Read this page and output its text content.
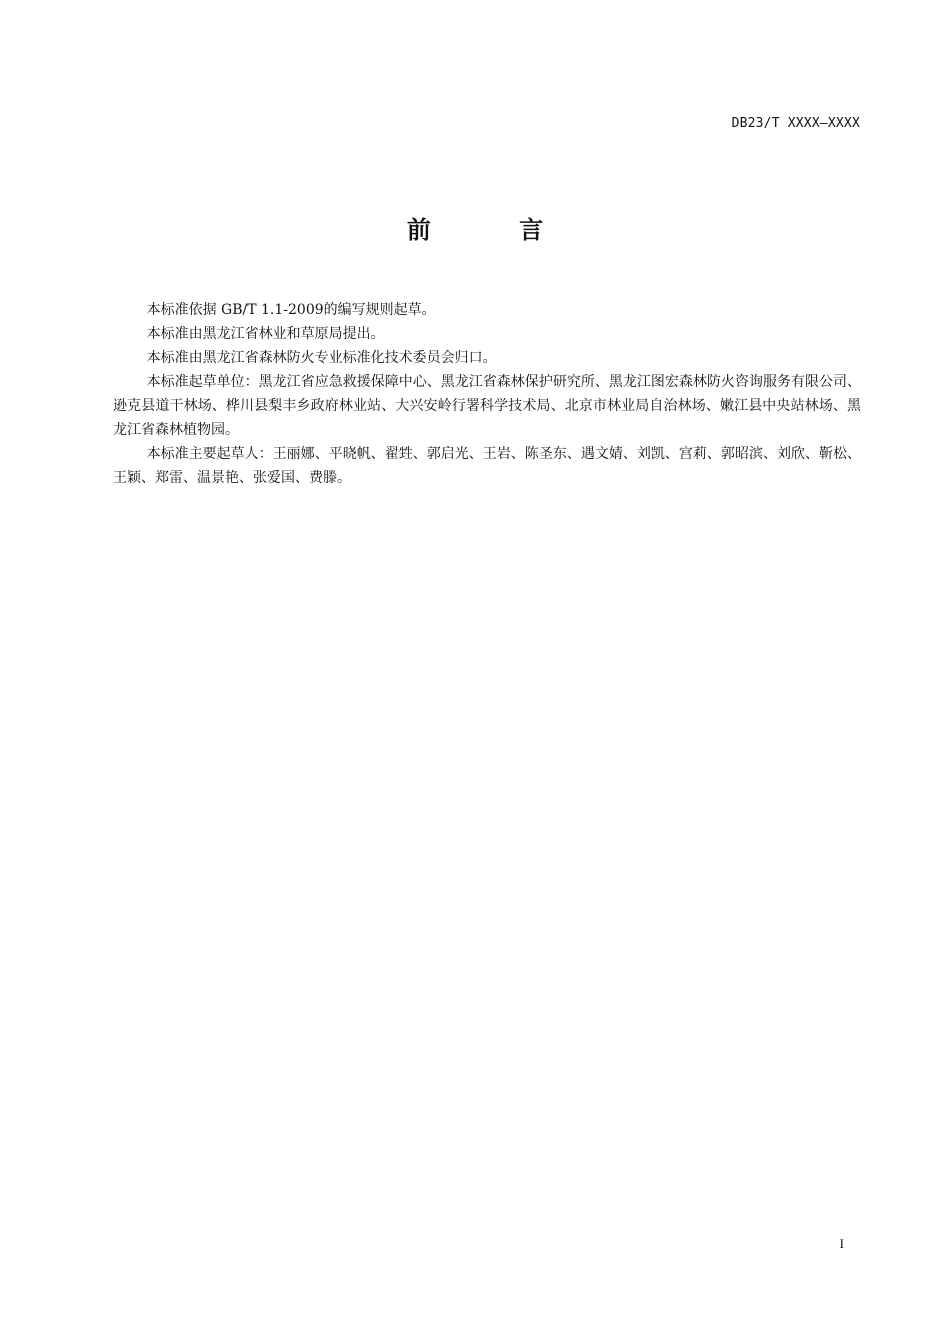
DB23/T XXXX—XXXX
前 言

本标准依据 GB/T 1.1-2009的编写规则起草。

本标准由黑龙江省林业和草原局提出。

本标准由黑龙江省森林防火专业标准化技术委员会归口。

本标准起草单位：黑龙江省应急救援保障中心、黑龙江省森林保护研究所、黑龙江图宏森林防火咨询服务有限公司、逊克县道干林场、桦川县梨丰乡政府林业站、大兴安岭行署科学技术局、北京市林业局自治林场、嫩江县中央站林场、黑龙江省森林植物园。

本标准主要起草人：王丽娜、平晓帆、翟甡、郭启光、王岩、陈圣东、遇文婧、刘凯、宫莉、郭昭滨、刘欣、靳松、王颖、郑雷、温景艳、张爱国、费滕。

I
